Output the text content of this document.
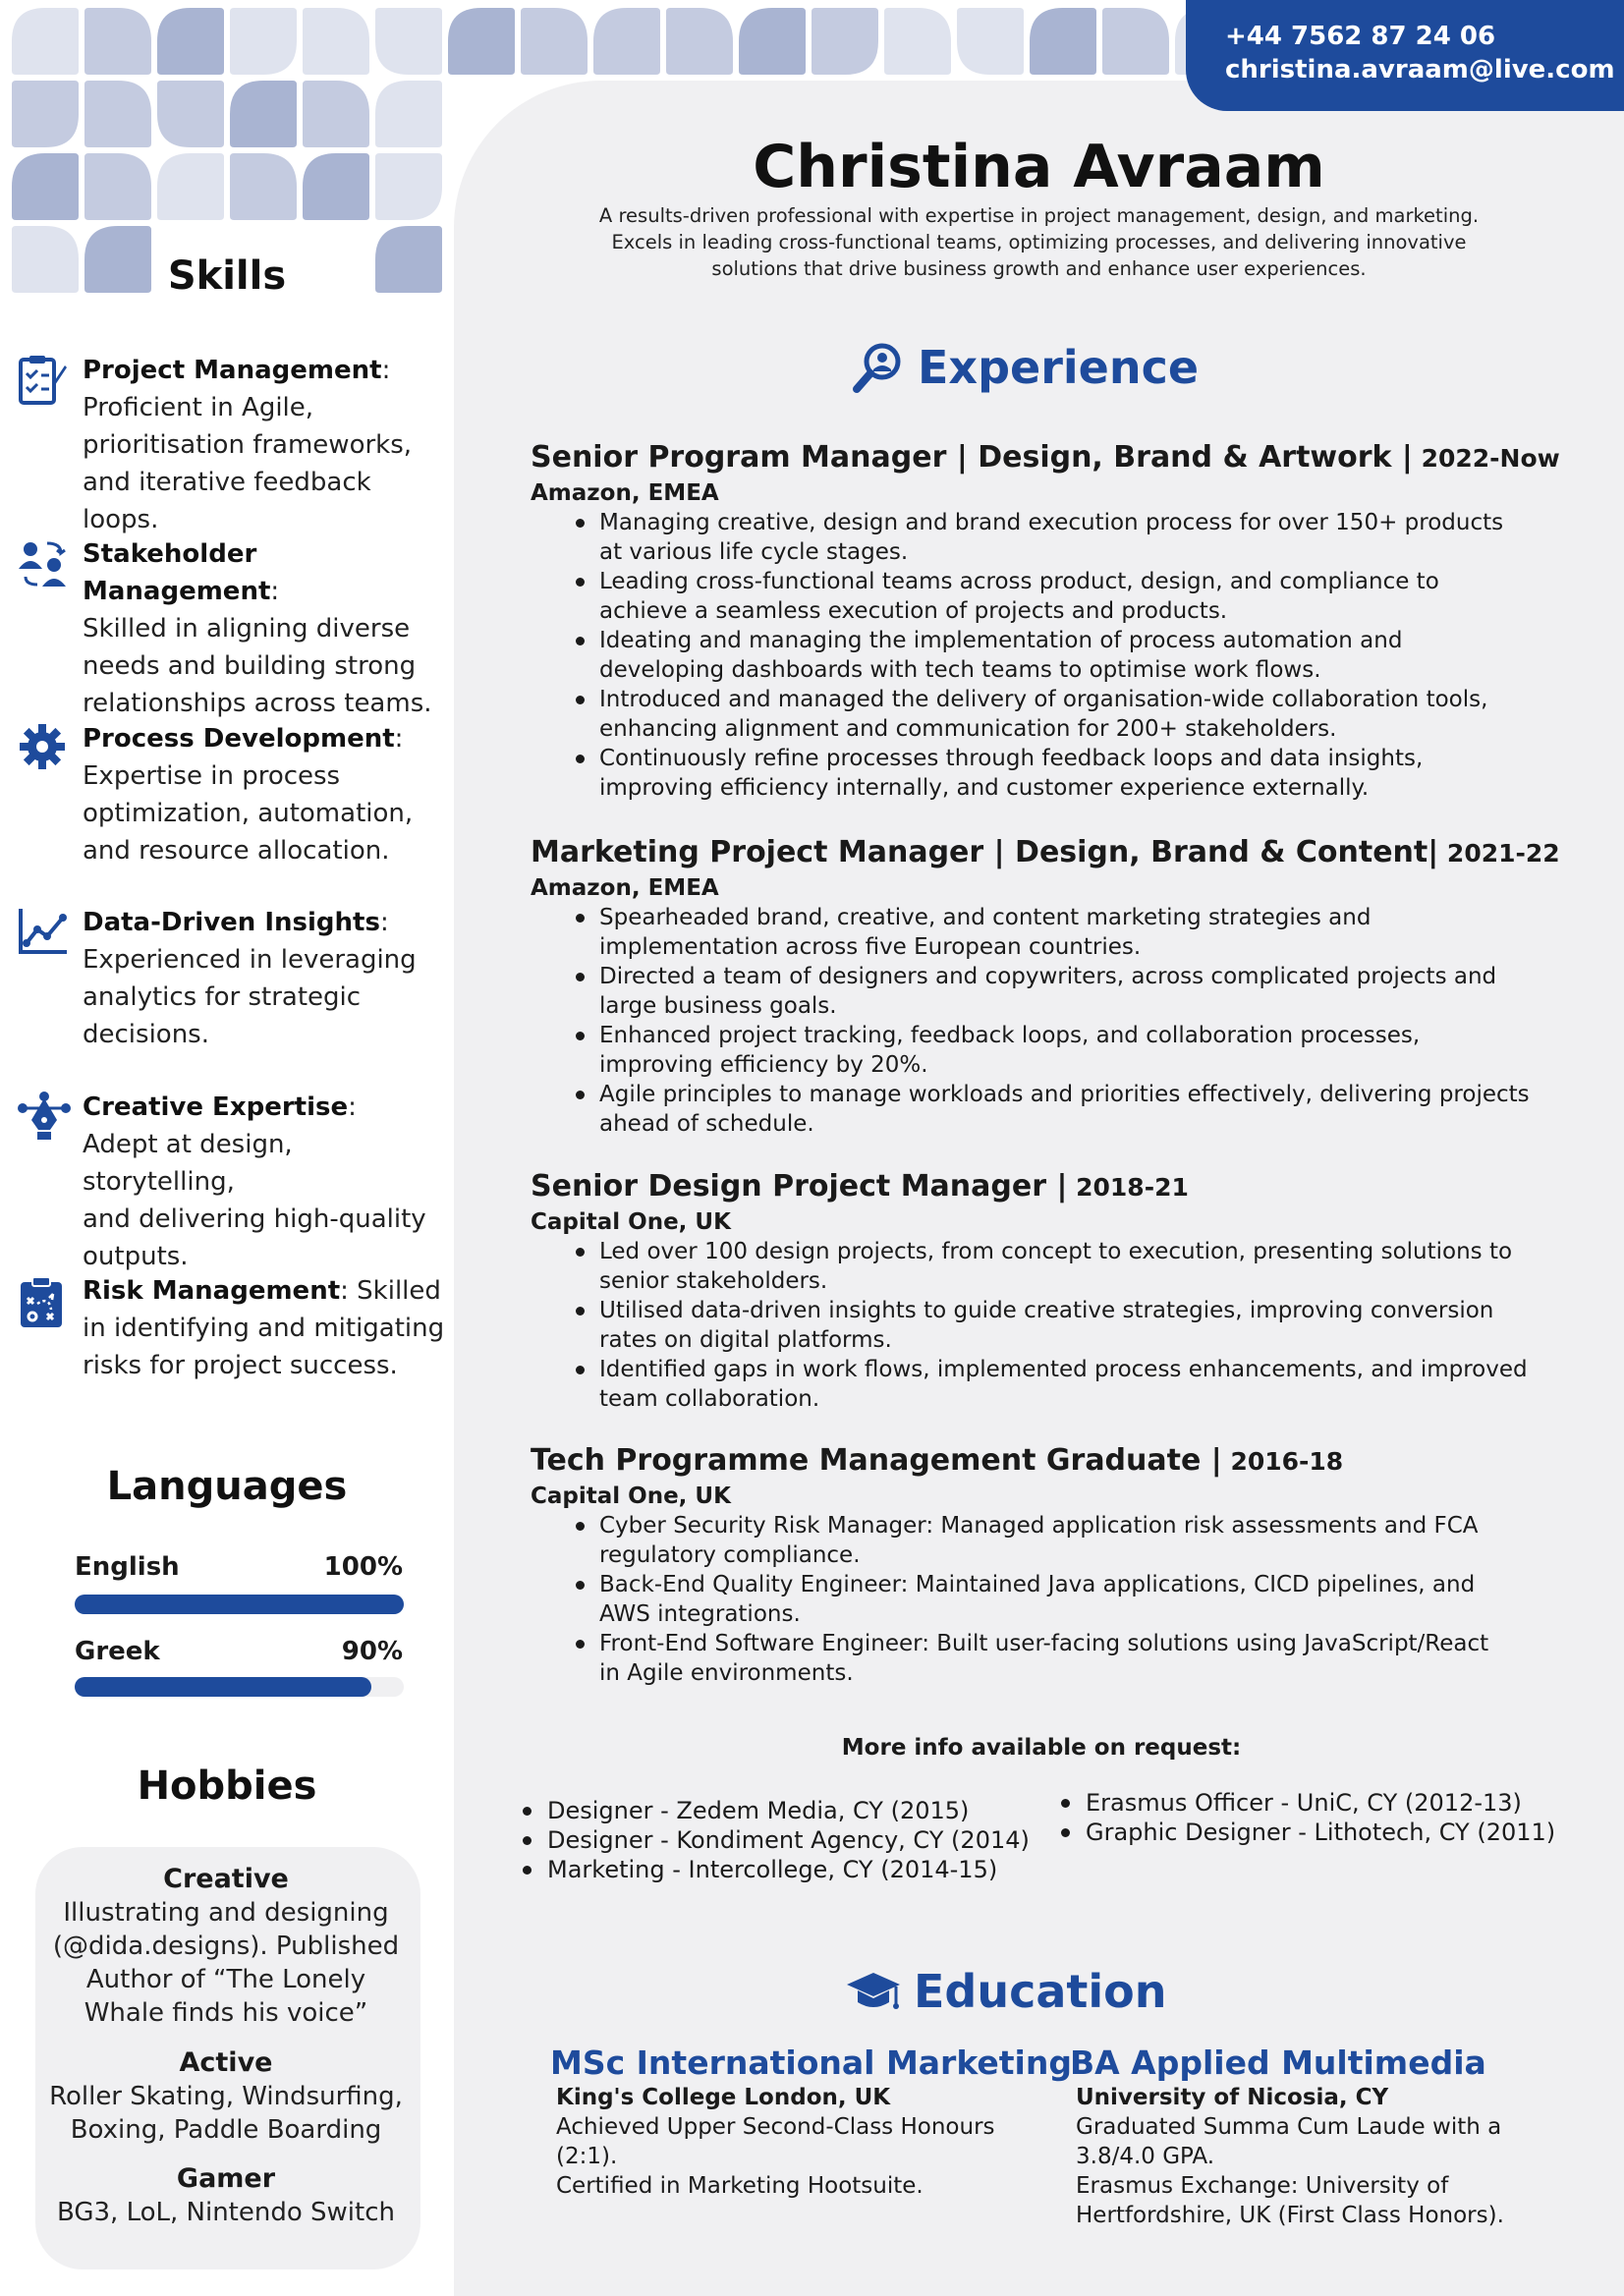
+44 7562 87 24 06
christina.avraam@live.com
Christina Avraam
A results-driven professional with expertise in project management, design, and marketing.
Excels in leading cross-functional teams, optimizing processes, and delivering innovative
solutions that drive business growth and enhance user experiences.
Skills
Project Management:
Proficient in Agile,
prioritisation frameworks,
and iterative feedback loops.
Stakeholder Management:
Skilled in aligning diverse
needs and building strong
relationships across teams.
Process Development:
Expertise in process
optimization, automation,
and resource allocation.
Data-Driven Insights:
Experienced in leveraging
analytics for strategic
decisions.
Creative Expertise:
Adept at design, storytelling,
and delivering high-quality
outputs.
Risk Management: Skilled
in identifying and mitigating
risks for project success.
Languages
English	100%
Greek	90%
Hobbies
Creative
Illustrating and designing
(@dida.designs). Published
Author of “The Lonely
Whale finds his voice”
Active
Roller Skating, Windsurfing,
Boxing, Paddle Boarding
Gamer
BG3, LoL, Nintendo Switch
Experience
Senior Program Manager | Design, Brand & Artwork | 2022-Now
Amazon, EMEA
Managing creative, design and brand execution process for over 150+ products
at various life cycle stages.
Leading cross-functional teams across product, design, and compliance to
achieve a seamless execution of projects and products.
Ideating and managing the implementation of process automation and
developing dashboards with tech teams to optimise work flows.
Introduced and managed the delivery of organisation-wide collaboration tools,
enhancing alignment and communication for 200+ stakeholders.
Continuously refine processes through feedback loops and data insights,
improving efficiency internally, and customer experience externally.
Marketing Project Manager | Design, Brand & Content| 2021-22
Amazon, EMEA
Spearheaded brand, creative, and content marketing strategies and
implementation across five European countries.
Directed a team of designers and copywriters, across complicated projects and
large business goals.
Enhanced project tracking, feedback loops, and collaboration processes,
improving efficiency by 20%.
Agile principles to manage workloads and priorities effectively, delivering projects
ahead of schedule.
Senior Design Project Manager | 2018-21
Capital One, UK
Led over 100 design projects, from concept to execution, presenting solutions to
senior stakeholders.
Utilised data-driven insights to guide creative strategies, improving conversion
rates on digital platforms.
Identified gaps in work flows, implemented process enhancements, and improved
team collaboration.
Tech Programme Management Graduate | 2016-18
Capital One, UK
Cyber Security Risk Manager: Managed application risk assessments and FCA
regulatory compliance.
Back-End Quality Engineer: Maintained Java applications, CICD pipelines, and
AWS integrations.
Front-End Software Engineer: Built user-facing solutions using JavaScript/React
in Agile environments.
More info available on request:
Designer - Zedem Media, CY (2015)
Designer - Kondiment Agency, CY (2014)
Marketing - Intercollege, CY (2014-15)
Erasmus Officer - UniC, CY (2012-13)
Graphic Designer - Lithotech, CY (2011)
Education
MSc International Marketing
King's College London, UK
Achieved Upper Second-Class Honours
(2:1).
Certified in Marketing Hootsuite.
BA Applied Multimedia
University of Nicosia, CY
Graduated Summa Cum Laude with a
3.8/4.0 GPA.
Erasmus Exchange: University of
Hertfordshire, UK (First Class Honors).
